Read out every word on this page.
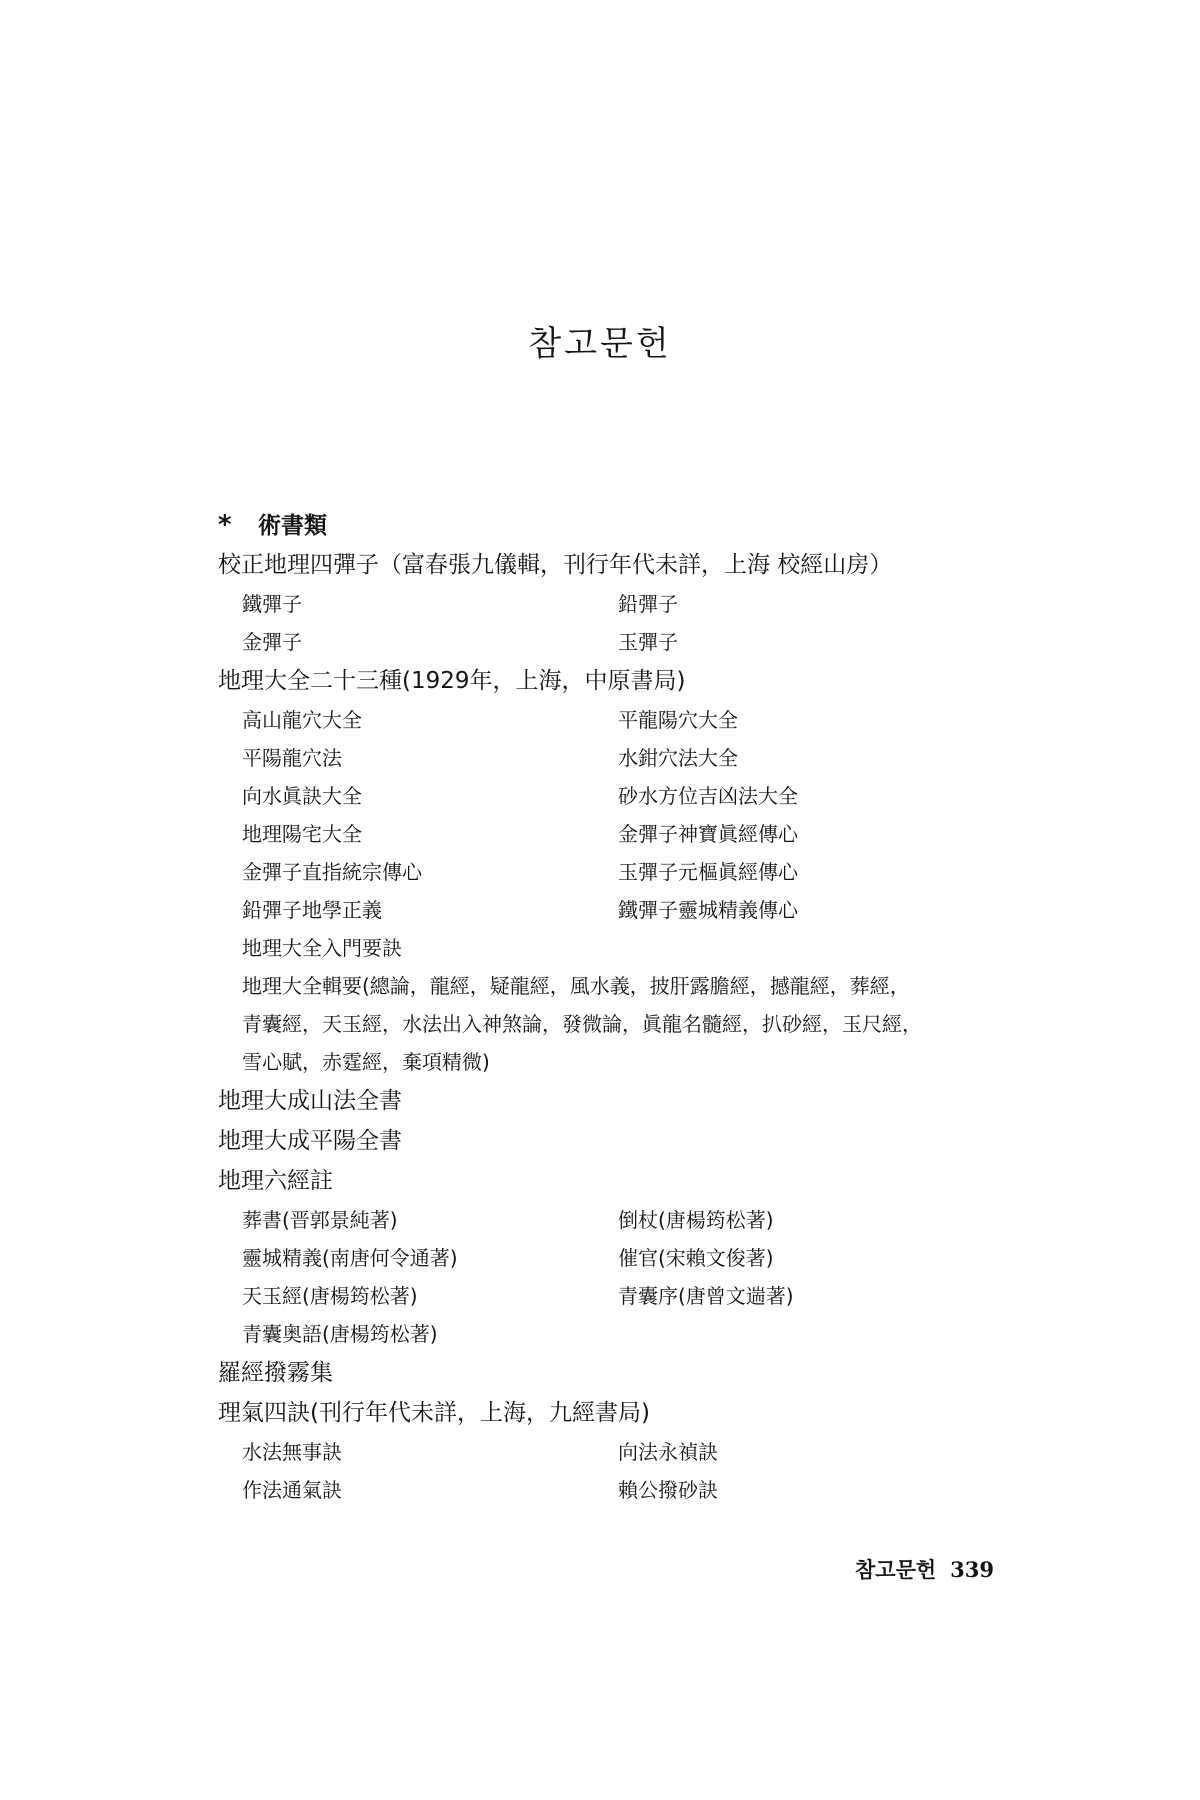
참고문헌
* 術書類
校正地理四彈子（富春張九儀輯，刊行年代未詳，上海 校經山房）
鐵彈子	鉛彈子
金彈子	玉彈子
地理大全二十三種(1929年，上海，中原書局)
高山龍穴大全	平龍陽穴大全
平陽龍穴法	水鉗穴法大全
向水眞訣大全	砂水方位吉凶法大全
地理陽宅大全	金彈子神寶眞經傳心
金彈子直指統宗傳心	玉彈子元樞眞經傳心
鉛彈子地學正義	鐵彈子靈城精義傳心
地理大全入門要訣
地理大全輯要(總論，龍經，疑龍經，風水義，披肝露膽經，撼龍經，葬經，
青囊經，天玉經，水法出入神煞論，發微論，眞龍名髓經，扒砂經，玉尺經，
雪心賦，赤霆經，棄項精微)
地理大成山法全書
地理大成平陽全書
地理六經註
葬書(晋郭景純著)	倒杖(唐楊筠松著)
靈城精義(南唐何令通著)	催官(宋賴文俊著)
天玉經(唐楊筠松著)	青囊序(唐曾文遄著)
青囊奥語(唐楊筠松著)
羅經撥霧集
理氣四訣(刊行年代未詳，上海，九經書局)
水法無事訣	向法永禎訣
作法通氣訣	賴公撥砂訣
참고문헌 339
